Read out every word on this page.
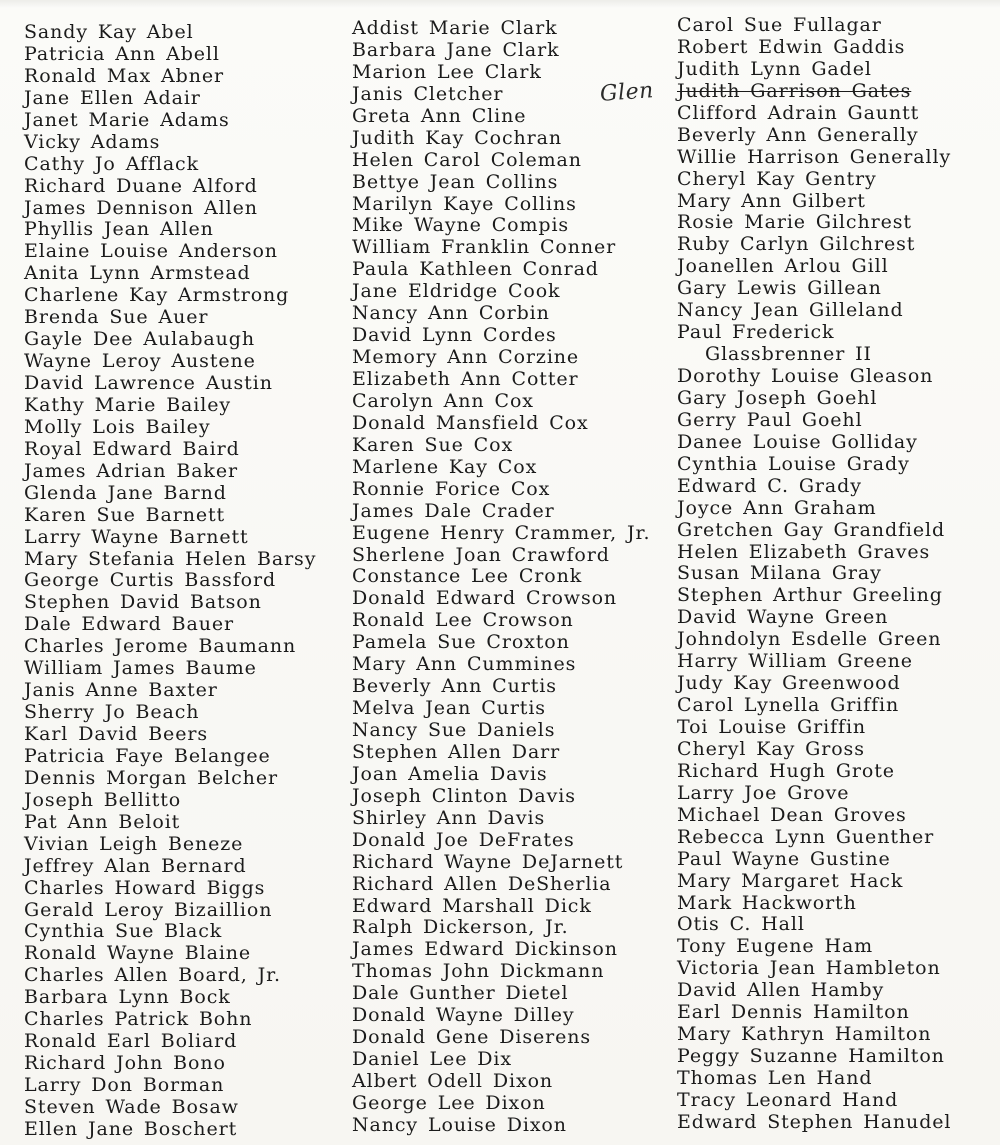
Sandy Kay Abel
Patricia Ann Abell
Ronald Max Abner
Jane Ellen Adair
Janet Marie Adams
Vicky Adams
Cathy Jo Afflack
Richard Duane Alford
James Dennison Allen
Phyllis Jean Allen
Elaine Louise Anderson
Anita Lynn Armstead
Charlene Kay Armstrong
Brenda Sue Auer
Gayle Dee Aulabaugh
Wayne Leroy Austene
David Lawrence Austin
Kathy Marie Bailey
Molly Lois Bailey
Royal Edward Baird
James Adrian Baker
Glenda Jane Barnd
Karen Sue Barnett
Larry Wayne Barnett
Mary Stefania Helen Barsy
George Curtis Bassford
Stephen David Batson
Dale Edward Bauer
Charles Jerome Baumann
William James Baume
Janis Anne Baxter
Sherry Jo Beach
Karl David Beers
Patricia Faye Belangee
Dennis Morgan Belcher
Joseph Bellitto
Pat Ann Beloit
Vivian Leigh Beneze
Jeffrey Alan Bernard
Charles Howard Biggs
Gerald Leroy Bizaillion
Cynthia Sue Black
Ronald Wayne Blaine
Charles Allen Board, Jr.
Barbara Lynn Bock
Charles Patrick Bohn
Ronald Earl Boliard
Richard John Bono
Larry Don Borman
Steven Wade Bosaw
Ellen Jane Boschert
Addist Marie Clark
Barbara Jane Clark
Marion Lee Clark
Janis Cletcher
Greta Ann Cline
Judith Kay Cochran
Helen Carol Coleman
Bettye Jean Collins
Marilyn Kaye Collins
Mike Wayne Compis
William Franklin Conner
Paula Kathleen Conrad
Jane Eldridge Cook
Nancy Ann Corbin
David Lynn Cordes
Memory Ann Corzine
Elizabeth Ann Cotter
Carolyn Ann Cox
Donald Mansfield Cox
Karen Sue Cox
Marlene Kay Cox
Ronnie Forice Cox
James Dale Crader
Eugene Henry Crammer, Jr.
Sherlene Joan Crawford
Constance Lee Cronk
Donald Edward Crowson
Ronald Lee Crowson
Pamela Sue Croxton
Mary Ann Cummines
Beverly Ann Curtis
Melva Jean Curtis
Nancy Sue Daniels
Stephen Allen Darr
Joan Amelia Davis
Joseph Clinton Davis
Shirley Ann Davis
Donald Joe DeFrates
Richard Wayne DeJarnett
Richard Allen DeSherlia
Edward Marshall Dick
Ralph Dickerson, Jr.
James Edward Dickinson
Thomas John Dickmann
Dale Gunther Dietel
Donald Wayne Dilley
Donald Gene Diserens
Daniel Lee Dix
Albert Odell Dixon
George Lee Dixon
Nancy Louise Dixon
Carol Sue Fullagar
Robert Edwin Gaddis
Judith Lynn Gadel
Judith Garrison Gates
Clifford Adrain Gauntt
Beverly Ann Generally
Willie Harrison Generally
Cheryl Kay Gentry
Mary Ann Gilbert
Rosie Marie Gilchrest
Ruby Carlyn Gilchrest
Joanellen Arlou Gill
Gary Lewis Gillean
Nancy Jean Gilleland
Paul Frederick
Glassbrenner II
Dorothy Louise Gleason
Gary Joseph Goehl
Gerry Paul Goehl
Danee Louise Golliday
Cynthia Louise Grady
Edward C. Grady
Joyce Ann Graham
Gretchen Gay Grandfield
Helen Elizabeth Graves
Susan Milana Gray
Stephen Arthur Greeling
David Wayne Green
Johndolyn Esdelle Green
Harry William Greene
Judy Kay Greenwood
Carol Lynella Griffin
Toi Louise Griffin
Cheryl Kay Gross
Richard Hugh Grote
Larry Joe Grove
Michael Dean Groves
Rebecca Lynn Guenther
Paul Wayne Gustine
Mary Margaret Hack
Mark Hackworth
Otis C. Hall
Tony Eugene Ham
Victoria Jean Hambleton
David Allen Hamby
Earl Dennis Hamilton
Mary Kathryn Hamilton
Peggy Suzanne Hamilton
Thomas Len Hand
Tracy Leonard Hand
Edward Stephen Hanudel
Glen
